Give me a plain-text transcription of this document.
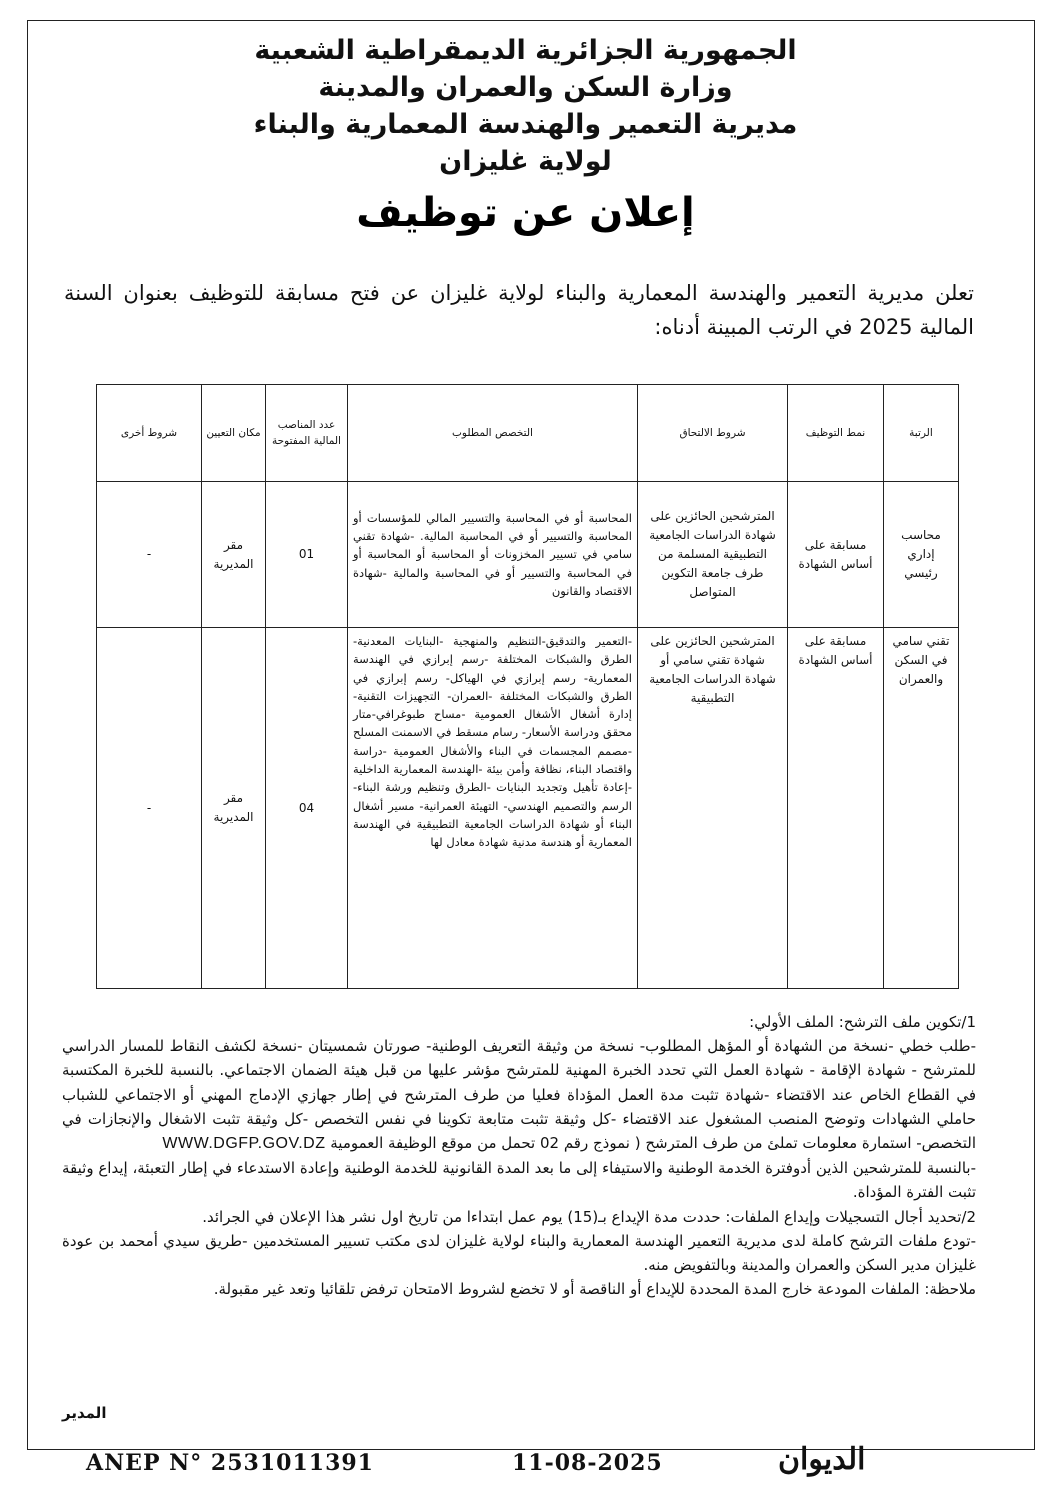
الجمهورية الجزائرية الديمقراطية الشعبية
وزارة السكن والعمران والمدينة
مديرية التعمير والهندسة المعمارية والبناء
لولاية غليزان
إعلان عن توظيف
تعلن مديرية التعمير والهندسة المعمارية والبناء لولاية غليزان عن فتح مسابقة للتوظيف بعنوان السنة المالية 2025 في الرتب المبينة أدناه:
الرتبة	نمط التوظيف	شروط الالتحاق	التخصص المطلوب	عدد المناصب المالية المفتوحة	مكان التعيين	شروط أخرى
محاسب إداري رئيسي	مسابقة على أساس الشهادة	المترشحين الحائزين على شهادة الدراسات الجامعية التطبيقية المسلمة من طرف جامعة التكوين المتواصل	المحاسبة أو في المحاسبة والتسيير المالي للمؤسسات أو المحاسبة والتسيير أو في المحاسبة المالية. -شهادة تقني سامي في تسيير المخزونات أو المحاسبة أو المحاسبة أو في المحاسبة والتسيير أو في المحاسبة والمالية -شهادة الاقتصاد والقانون	01	مقر المديرية	-
تقني سامي في السكن والعمران	مسابقة على أساس الشهادة	المترشحين الحائزين على شهادة تقني سامي أو شهادة الدراسات الجامعية التطبيقية	-التعمير والتدقيق-التنظيم والمنهجية -البنايات المعدنية- الطرق والشبكات المختلفة -رسم إبرازي في الهندسة المعمارية- رسم إبرازي في الهياكل- رسم إبرازي في الطرق والشبكات المختلفة -العمران- التجهيزات التقنية- إدارة أشغال الأشغال العمومية -مساح طبوغرافي-متار محقق ودراسة الأسعار- رسام مسقط في الاسمنت المسلح -مصمم المجسمات في البناء والأشغال العمومية -دراسة واقتصاد البناء، نظافة وأمن بيئة -الهندسة المعمارية الداخلية -إعادة تأهيل وتجديد البنايات -الطرق وتنظيم ورشة البناء- الرسم والتصميم الهندسي- التهيئة العمرانية- مسير أشغال البناء أو شهادة الدراسات الجامعية التطبيقية في الهندسة المعمارية أو هندسة مدنية شهادة معادل لها	04	مقر المديرية	-

1/تكوين ملف الترشح: الملف الأولي:

-طلب خطي -نسخة من الشهادة أو المؤهل المطلوب- نسخة من وثيقة التعريف الوطنية- صورتان شمسيتان -نسخة لكشف النقاط للمسار الدراسي للمترشح - شهادة الإقامة - شهادة العمل التي تحدد الخبرة المهنية للمترشح مؤشر عليها من قبل هيئة الضمان الاجتماعي. بالنسبة للخبرة المكتسبة في القطاع الخاص عند الاقتضاء -شهادة تثبت مدة العمل المؤداة فعليا من طرف المترشح في إطار جهازي الإدماج المهني أو الاجتماعي للشباب حاملي الشهادات وتوضح المنصب المشغول عند الاقتضاء -كل وثيقة تثبت متابعة تكوينا في نفس التخصص -كل وثيقة تثبت الاشغال والإنجازات في التخصص- استمارة معلومات تملئ من طرف المترشح ( نموذج رقم 02 تحمل من موقع الوظيفة العمومية WWW.DGFP.GOV.DZ

-بالنسبة للمترشحين الذين أدوفترة الخدمة الوطنية والاستيفاء إلى ما بعد المدة القانونية للخدمة الوطنية وإعادة الاستدعاء في إطار التعبئة، إيداع وثيقة تثبت الفترة المؤداة.

2/تحديد أجال التسجيلات وإيداع الملفات: حددت مدة الإيداع بـ(15) يوم عمل ابتداءا من تاريخ اول نشر هذا الإعلان في الجرائد.

-تودع ملفات الترشح كاملة لدى مديرية التعمير الهندسة المعمارية والبناء لولاية غليزان لدى مكتب تسيير المستخدمين -طريق سيدي أمحمد بن عودة غليزان مدير السكن والعمران والمدينة وبالتفويض منه.

ملاحظة: الملفات المودعة خارج المدة المحددة للإيداع أو الناقصة أو لا تخضع لشروط الامتحان ترفض تلقائيا وتعد غير مقبولة.

المدير
ANEP N° 2531011391	11-08-2025	الديوان
